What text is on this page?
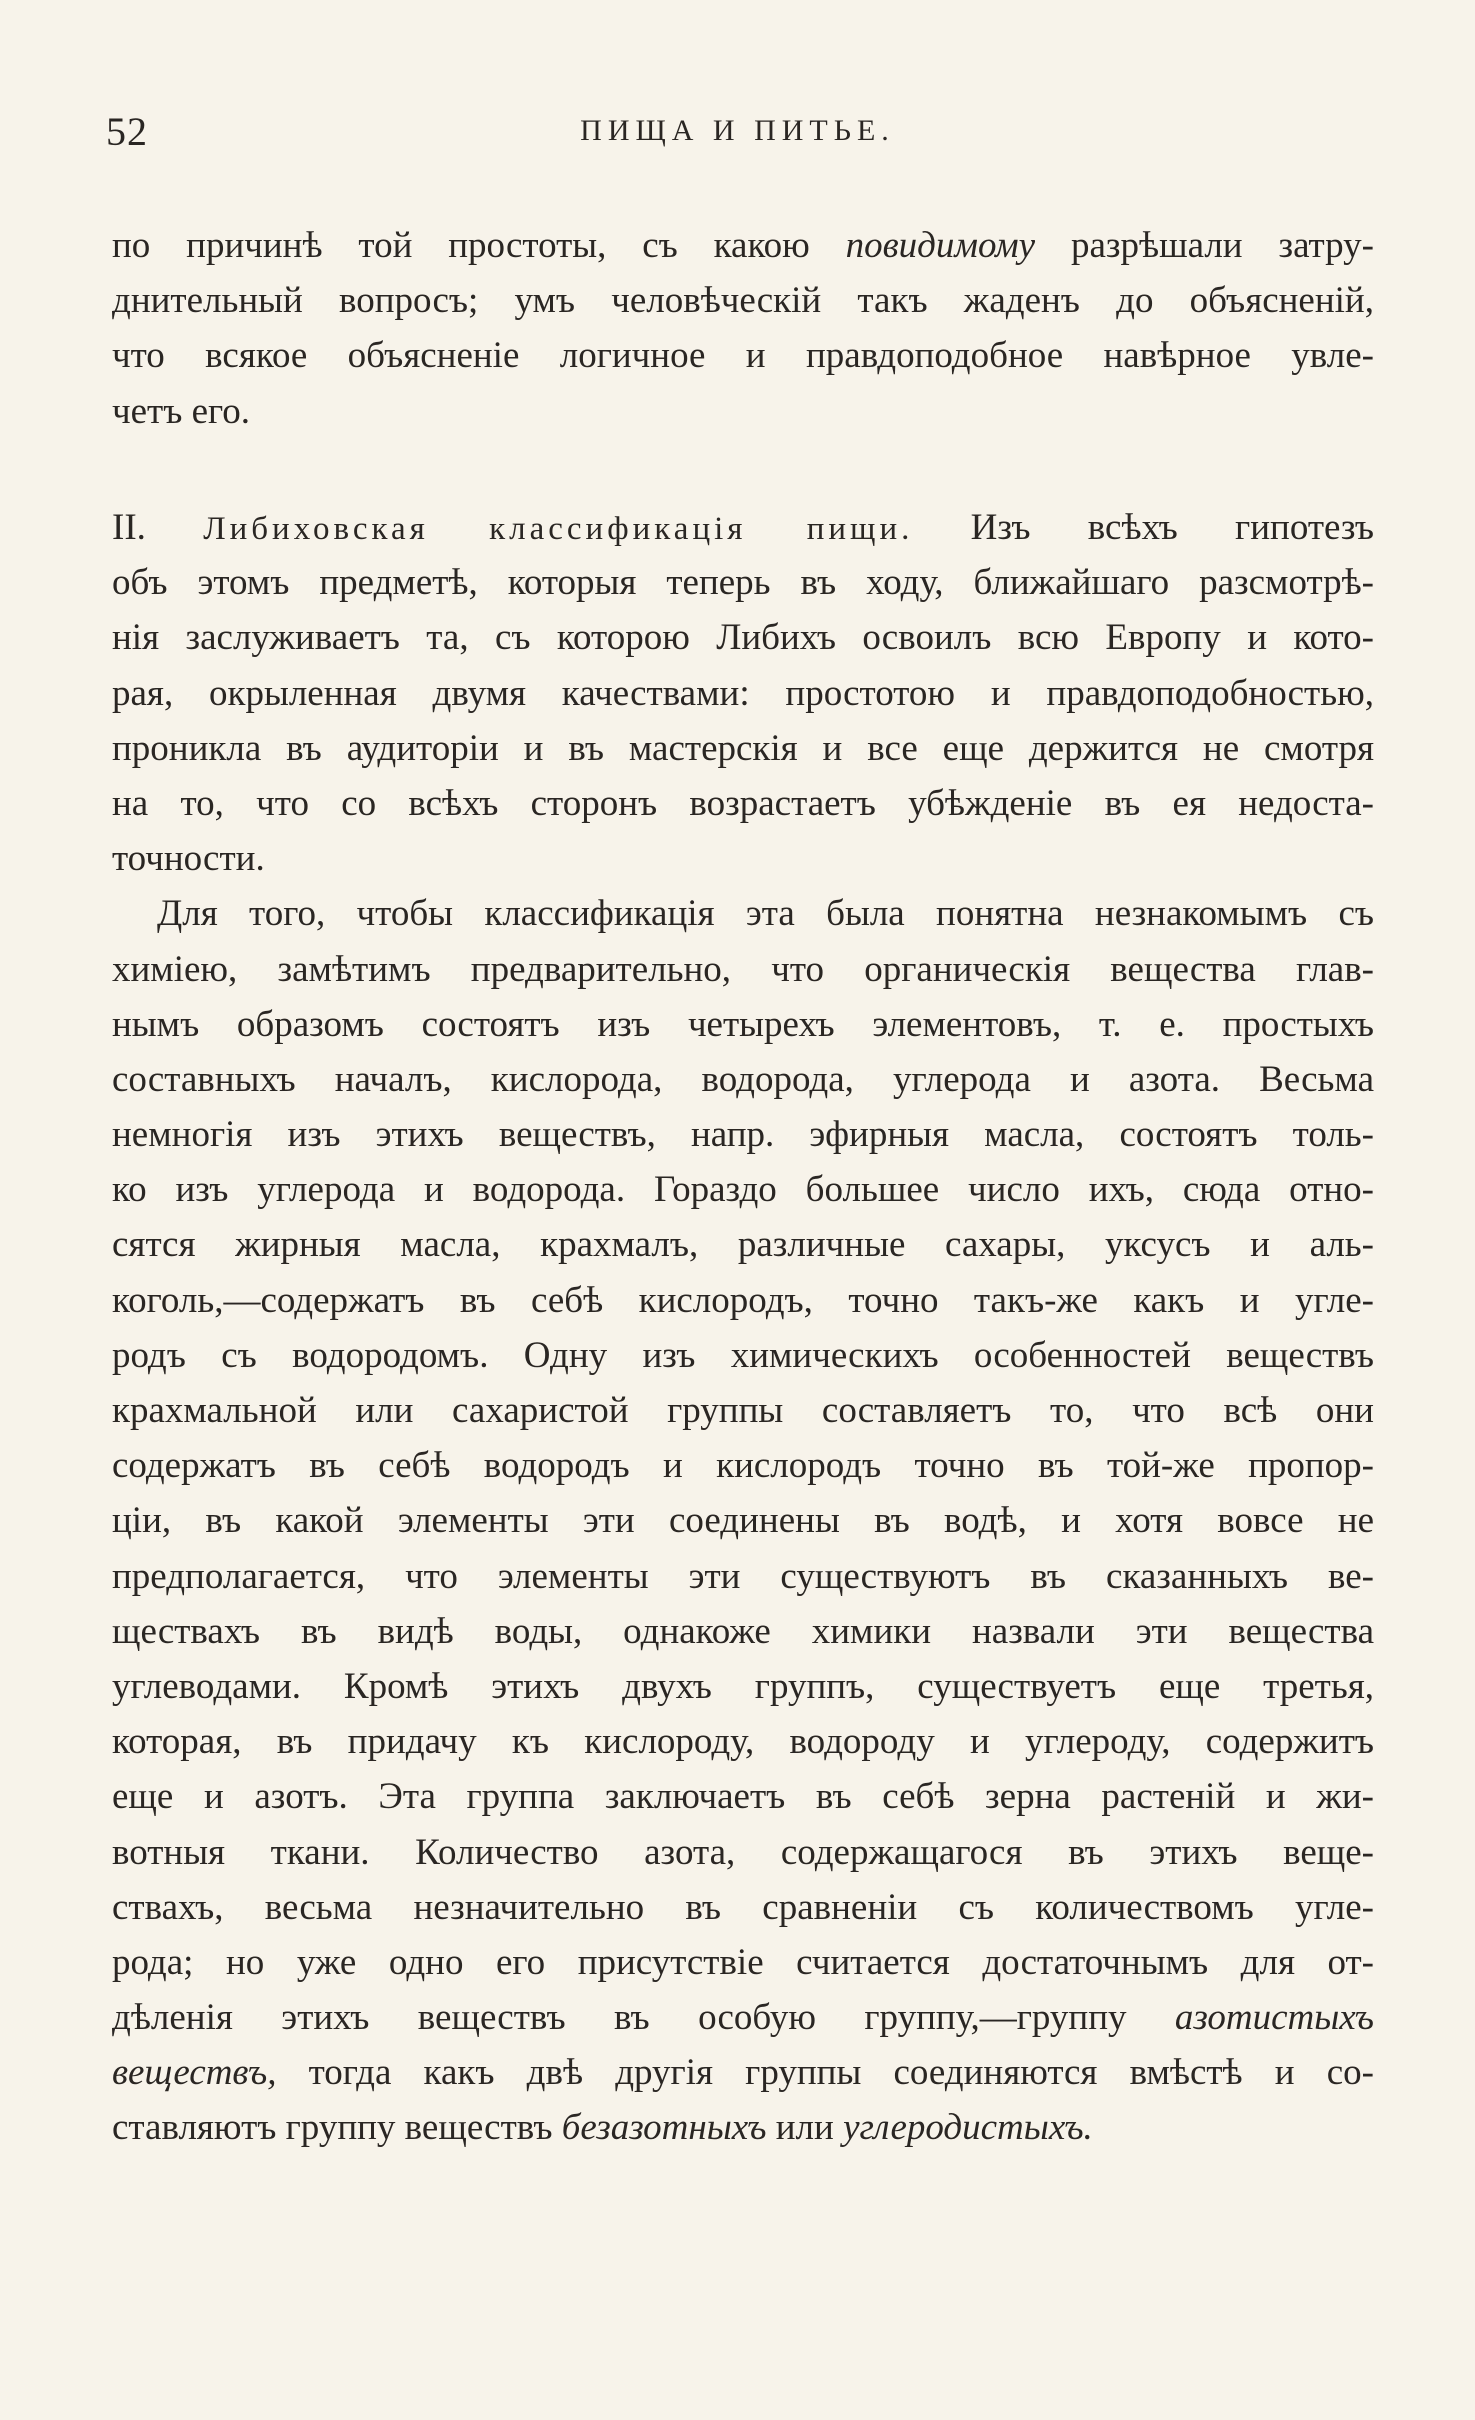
52	ПИЩА И ПИТЬЕ.
по причинѣ той простоты, съ какою повидимому разрѣшали затру-
днительный вопросъ; умъ человѣческій такъ жаденъ до объясненій,
что всякое объясненіе логичное и правдоподобное навѣрное увле-
четъ его.
II. Либиховская классификація пищи. Изъ всѣхъ гипотезъ
объ этомъ предметѣ, которыя теперь въ ходу, ближайшаго разсмотрѣ-
нія заслуживаетъ та, съ которою Либихъ освоилъ всю Европу и кото-
рая, окрыленная двумя качествами: простотою и правдоподобностью,
проникла въ аудиторіи и въ мастерскія и все еще держится не смотря
на то, что со всѣхъ сторонъ возрастаетъ убѣжденіе въ ея недоста-
точности.
Для того, чтобы классификація эта была понятна незнакомымъ съ
химіею, замѣтимъ предварительно, что органическія вещества глав-
нымъ образомъ состоятъ изъ четырехъ элементовъ, т. е. простыхъ
составныхъ началъ, кислорода, водорода, углерода и азота. Весьма
немногія изъ этихъ веществъ, напр. эфирныя масла, состоятъ толь-
ко изъ углерода и водорода. Гораздо большее число ихъ, сюда отно-
сятся жирныя масла, крахмалъ, различные сахары, уксусъ и аль-
коголь,—содержатъ въ себѣ кислородъ, точно такъ-же какъ и угле-
родъ съ водородомъ. Одну изъ химическихъ особенностей веществъ
крахмальной или сахаристой группы составляетъ то, что всѣ они
содержатъ въ себѣ водородъ и кислородъ точно въ той-же пропор-
ціи, въ какой элементы эти соединены въ водѣ, и хотя вовсе не
предполагается, что элементы эти существуютъ въ сказанныхъ ве-
ществахъ въ видѣ воды, однакоже химики назвали эти вещества
углеводами. Кромѣ этихъ двухъ группъ, существуетъ еще третья,
которая, въ придачу къ кислороду, водороду и углероду, содержитъ
еще и азотъ. Эта группа заключаетъ въ себѣ зерна растеній и жи-
вотныя ткани. Количество азота, содержащагося въ этихъ веще-
ствахъ, весьма незначительно въ сравненіи съ количествомъ угле-
рода; но уже одно его присутствіе считается достаточнымъ для от-
дѣленія этихъ веществъ въ особую группу,—группу азотистыхъ
веществъ, тогда какъ двѣ другія группы соединяются вмѣстѣ и со-
ставляютъ группу веществъ безазотныхъ или углеродистыхъ.
